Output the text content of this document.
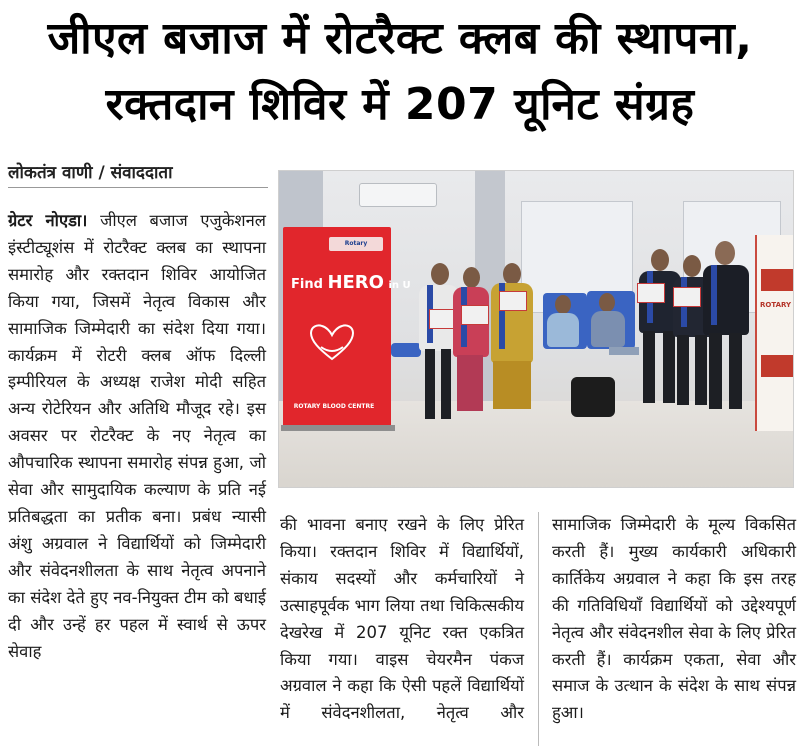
जीएल बजाज में रोटरैक्ट क्लब की स्थापना,
रक्तदान शिविर में 207 यूनिट संग्रह
लोकतंत्र वाणी / संवाददाता

ग्रेटर नोएडा। जीएल बजाज एजुकेशनल इंस्टीट्यूशंस में रोटरैक्ट क्लब का स्थापना समारोह और रक्तदान शिविर आयोजित किया गया, जिसमें नेतृत्व विकास और सामाजिक जिम्मेदारी का संदेश दिया गया। कार्यक्रम में रोटरी क्लब ऑफ दिल्ली इम्पीरियल के अध्यक्ष राजेश मोदी सहित अन्य रोटेरियन और अतिथि मौजूद रहे। इस अवसर पर रोटरैक्ट के नए नेतृत्व का औपचारिक स्थापना समारोह संपन्न हुआ, जो सेवा और सामुदायिक कल्याण के प्रति नई प्रतिबद्धता का प्रतीक बना। प्रबंध न्यासी अंशु अग्रवाल ने विद्यार्थियों को जिम्मेदारी और संवेदनशीलता के साथ नेतृत्व अपनाने का संदेश देते हुए नव-नियुक्त टीम को बधाई दी और उन्हें हर पहल में स्वार्थ से ऊपर सेवाह

की भावना बनाए रखने के लिए प्रेरित किया। रक्तदान शिविर में विद्यार्थियों, संकाय सदस्यों और कर्मचारियों ने उत्साहपूर्वक भाग लिया तथा चिकित्सकीय देखरेख में 207 यूनिट रक्त एकत्रित किया गया। वाइस चेयरमैन पंकज अग्रवाल ने कहा कि ऐसी पहलें विद्यार्थियों में संवेदनशीलता, नेतृत्व और

सामाजिक जिम्मेदारी के मूल्य विकसित करती हैं। मुख्य कार्यकारी अधिकारी कार्तिकेय अग्रवाल ने कहा कि इस तरह की गतिविधियाँ विद्यार्थियों को उद्देश्यपूर्ण नेतृत्व और संवेदनशील सेवा के लिए प्रेरित करती हैं। कार्यक्रम एकता, सेवा और समाज के उत्थान के संदेश के साथ संपन्न हुआ।

Rotary
Find HERO in U
ROTARY BLOOD CENTRE
ROTARY
